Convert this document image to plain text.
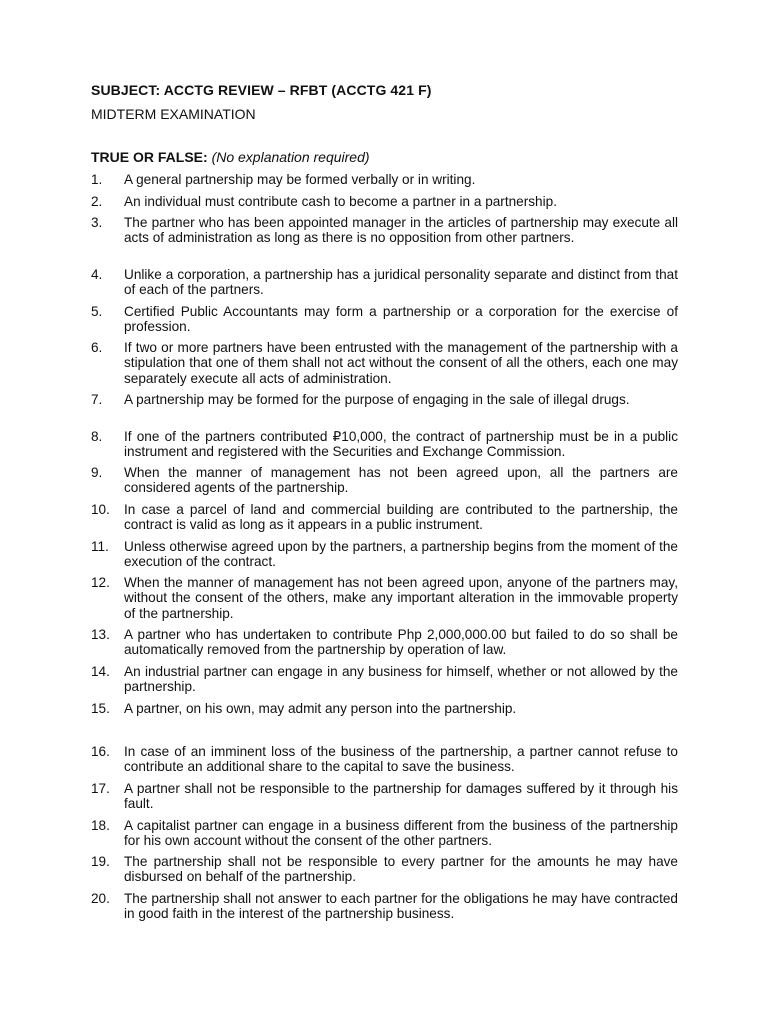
SUBJECT: ACCTG REVIEW – RFBT (ACCTG 421 F)
MIDTERM EXAMINATION
TRUE OR FALSE: (No explanation required)
1.	A general partnership may be formed verbally or in writing.
2.	An individual must contribute cash to become a partner in a partnership.
3.	The partner who has been appointed manager in the articles of partnership may execute all acts of administration as long as there is no opposition from other partners.
4.	Unlike a corporation, a partnership has a juridical personality separate and distinct from that of each of the partners.
5.	Certified Public Accountants may form a partnership or a corporation for the exercise of profession.
6.	If two or more partners have been entrusted with the management of the partnership with a stipulation that one of them shall not act without the consent of all the others, each one may separately execute all acts of administration.
7.	A partnership may be formed for the purpose of engaging in the sale of illegal drugs.
8.	If one of the partners contributed ₽10,000, the contract of partnership must be in a public instrument and registered with the Securities and Exchange Commission.
9.	When the manner of management has not been agreed upon, all the partners are considered agents of the partnership.
10.	In case a parcel of land and commercial building are contributed to the partnership, the contract is valid as long as it appears in a public instrument.
11.	Unless otherwise agreed upon by the partners, a partnership begins from the moment of the execution of the contract.
12.	When the manner of management has not been agreed upon, anyone of the partners may, without the consent of the others, make any important alteration in the immovable property of the partnership.
13.	A partner who has undertaken to contribute Php 2,000,000.00 but failed to do so shall be automatically removed from the partnership by operation of law.
14.	An industrial partner can engage in any business for himself, whether or not allowed by the partnership.
15.	A partner, on his own, may admit any person into the partnership.
16.	In case of an imminent loss of the business of the partnership, a partner cannot refuse to contribute an additional share to the capital to save the business.
17.	A partner shall not be responsible to the partnership for damages suffered by it through his fault.
18.	A capitalist partner can engage in a business different from the business of the partnership for his own account without the consent of the other partners.
19.	The partnership shall not be responsible to every partner for the amounts he may have disbursed on behalf of the partnership.
20.	The partnership shall not answer to each partner for the obligations he may have contracted in good faith in the interest of the partnership business.
